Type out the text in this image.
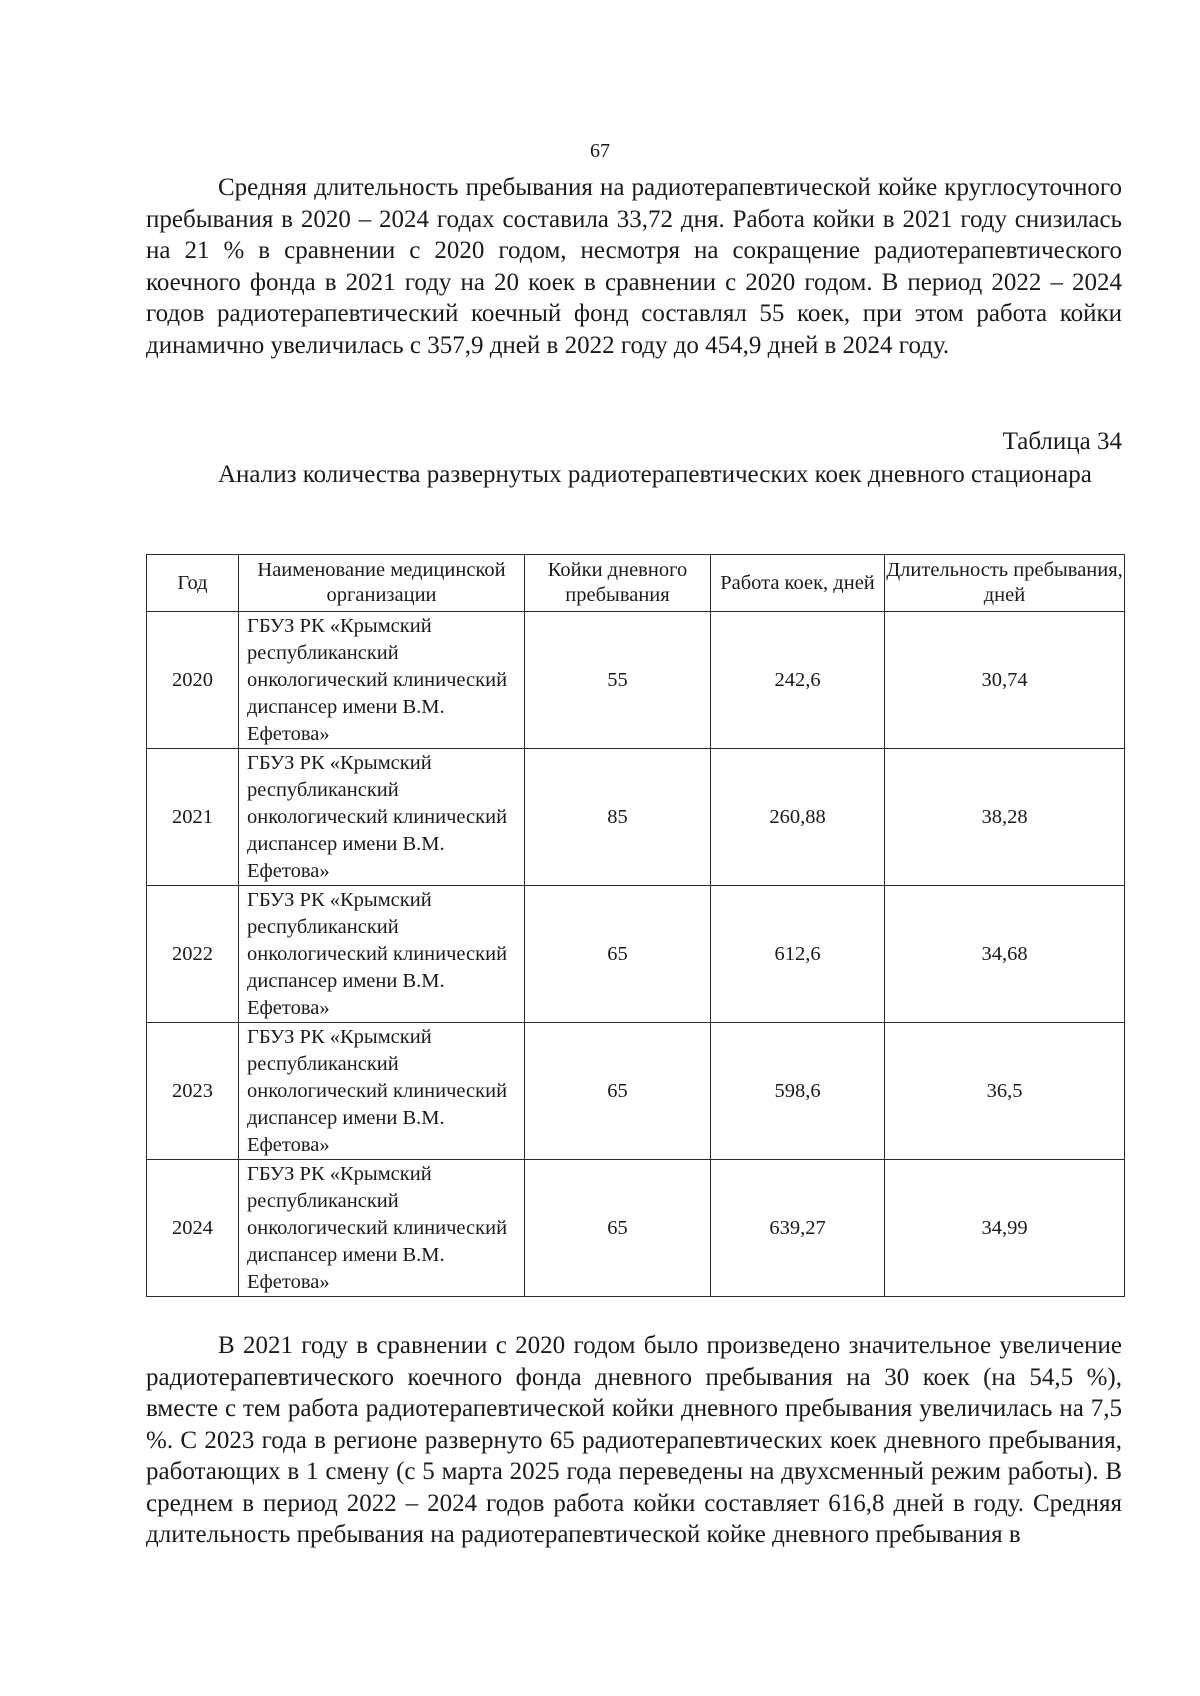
67

Средняя длительность пребывания на радиотерапевтической койке круглосуточного пребывания в 2020 – 2024 годах составила 33,72 дня. Работа койки в 2021 году снизилась на 21 % в сравнении с 2020 годом, несмотря на сокращение радиотерапевтического коечного фонда в 2021 году на 20 коек в сравнении с 2020 годом. В период 2022 – 2024 годов радиотерапевтический коечный фонд составлял 55 коек, при этом работа койки динамично увеличилась с 357,9 дней в 2022 году до 454,9 дней в 2024 году.

Таблица 34

Анализ количества развернутых радиотерапевтических коек дневного стационара

Год	Наименование медицинской организации	Койки дневного пребывания	Работа коек, дней	Длительность пребывания, дней
2020	ГБУЗ РК «Крымский республиканский онкологический клинический диспансер имени В.М. Ефетова»	55	242,6	30,74
2021	ГБУЗ РК «Крымский республиканский онкологический клинический диспансер имени В.М. Ефетова»	85	260,88	38,28
2022	ГБУЗ РК «Крымский республиканский онкологический клинический диспансер имени В.М. Ефетова»	65	612,6	34,68
2023	ГБУЗ РК «Крымский республиканский онкологический клинический диспансер имени В.М. Ефетова»	65	598,6	36,5
2024	ГБУЗ РК «Крымский республиканский онкологический клинический диспансер имени В.М. Ефетова»	65	639,27	34,99

В 2021 году в сравнении с 2020 годом было произведено значительное увеличение радиотерапевтического коечного фонда дневного пребывания на 30 коек (на 54,5 %), вместе с тем работа радиотерапевтической койки дневного пребывания увеличилась на 7,5 %. С 2023 года в регионе развернуто 65 радиотерапевтических коек дневного пребывания, работающих в 1 смену (с 5 марта 2025 года переведены на двухсменный режим работы). В среднем в период 2022 – 2024 годов работа койки составляет 616,8 дней в году. Средняя длительность пребывания на радиотерапевтической койке дневного пребывания в
